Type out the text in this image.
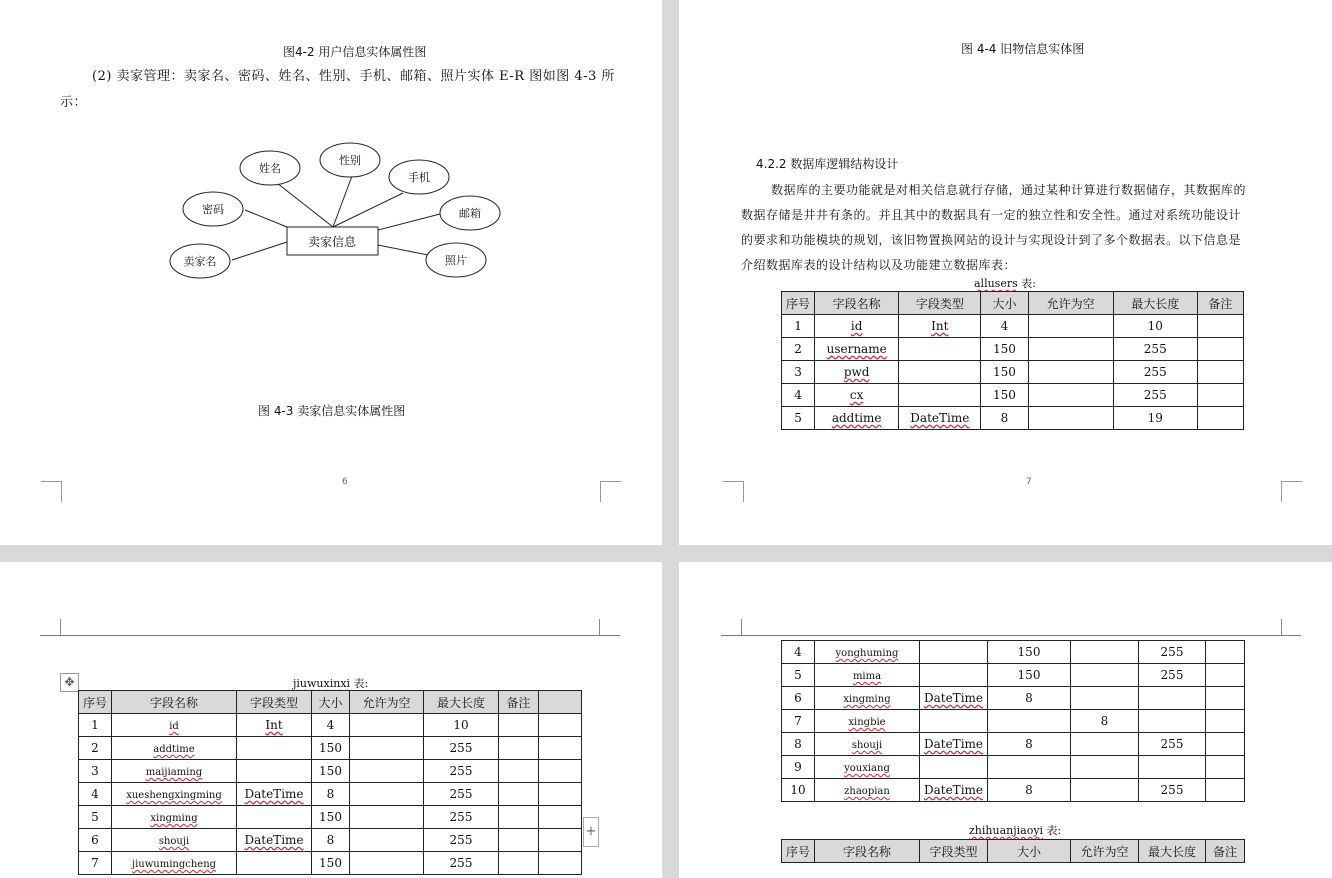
图4-2 用户信息实体属性图
(2) 卖家管理：卖家名、密码、姓名、性别、手机、邮箱、照片实体 E-R 图如图 4-3 所
示：
卖家信息
姓名
性别
手机
邮箱
照片
密码
卖家名
图 4-3 卖家信息实体属性图
6
图 4-4 旧物信息实体图
4.2.2 数据库逻辑结构设计
数据库的主要功能就是对相关信息就行存储，通过某种计算进行数据储存，其数据库的
数据存储是井井有条的。并且其中的数据具有一定的独立性和安全性。通过对系统功能设计
的要求和功能模块的规划，该旧物置换网站的设计与实现设计到了多个数据表。以下信息是
介绍数据库表的设计结构以及功能建立数据库表：
allusers 表:
序号	字段名称	字段类型	大小	允许为空	最大长度	备注
1	id	Int	4		10	
2	username		150		255	
3	pwd		150		255	
4	cx		150		255	
5	addtime	DateTime	8		19	
7
✥	jiuwuxinxi 表:
序号	字段名称	字段类型	大小	允许为空	最大长度	备注	
1	id	Int	4		10		
2	addtime		150		255		
3	maijiaming		150		255		
4	xueshengxingming	DateTime	8		255		
5	xingming		150		255		
6	shouji	DateTime	8		255		
7	jiuwumingcheng		150		255		
+
4	yonghuming		150		255	
5	mima		150		255	
6	xingming	DateTime	8			
7	xingbie			8		
8	shouji	DateTime	8		255	
9	youxiang					
10	zhaopian	DateTime	8		255	
zhihuanjiaoyi 表:
序号	字段名称	字段类型	大小	允许为空	最大长度	备注
